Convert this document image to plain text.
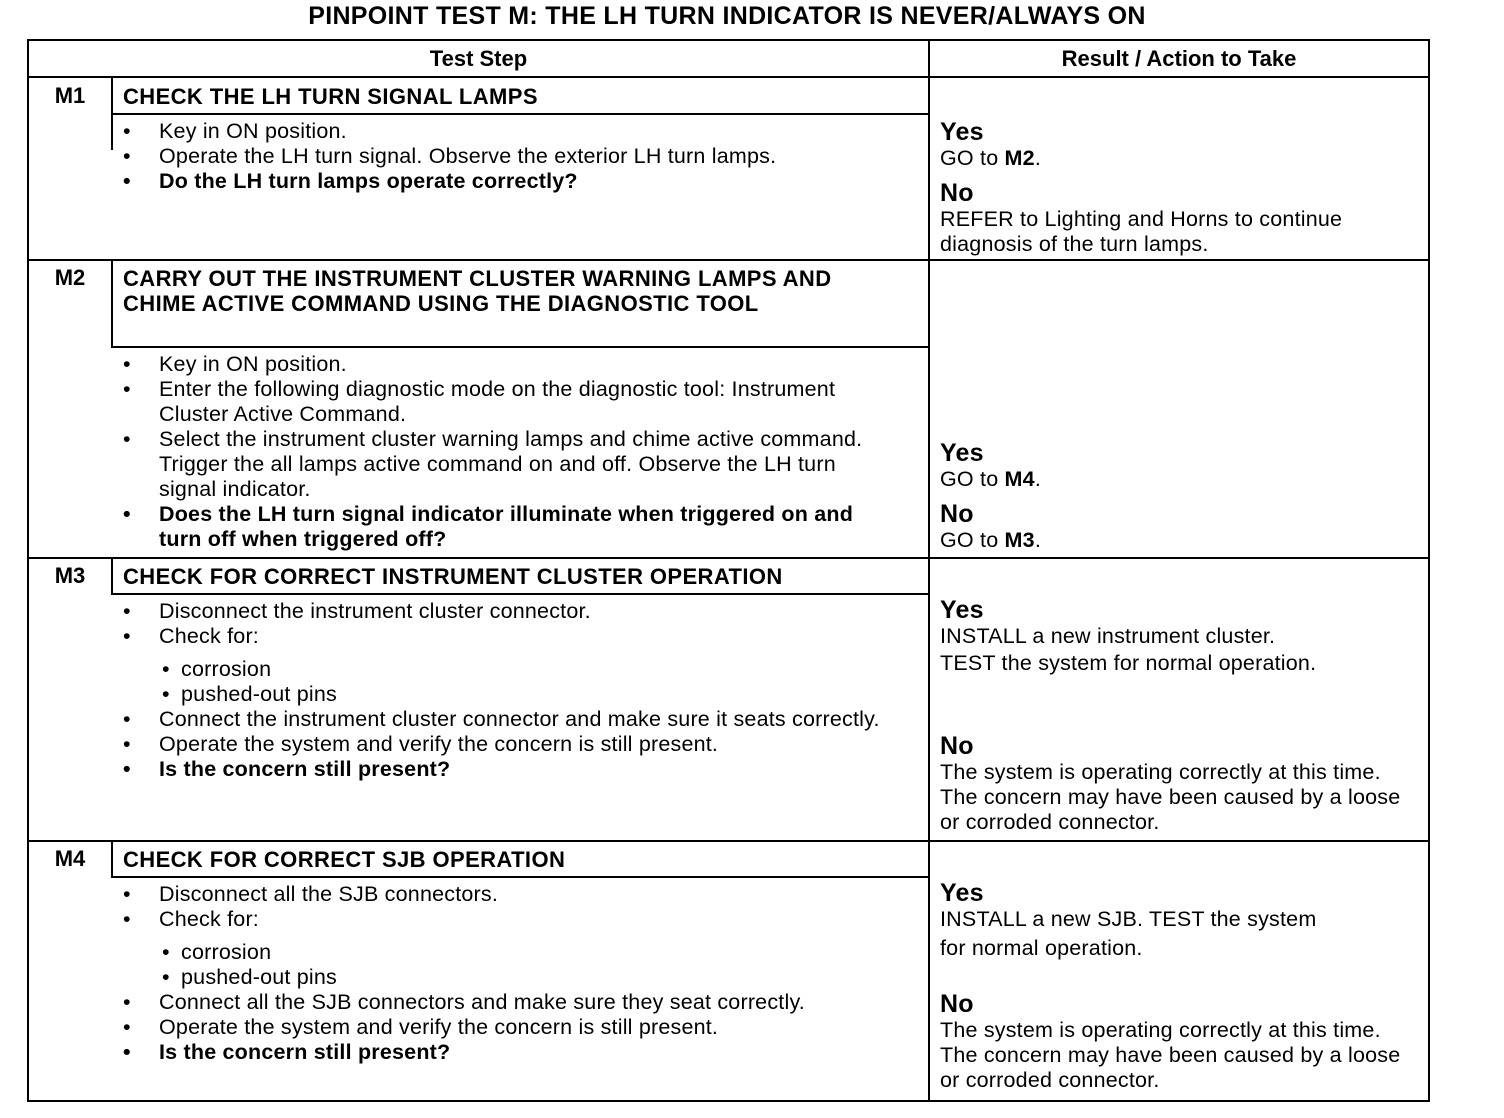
PINPOINT TEST M: THE LH TURN INDICATOR IS NEVER/ALWAYS ON
Test Step	Result / Action to Take
M1	CHECK THE LH TURN SIGNAL LAMPS
• Key in ON position.
• Operate the LH turn signal. Observe the exterior LH turn lamps.
• Do the LH turn lamps operate correctly?
Yes
GO to M2.
No
REFER to Lighting and Horns to continue diagnosis of the turn lamps.
M2	CARRY OUT THE INSTRUMENT CLUSTER WARNING LAMPS AND CHIME ACTIVE COMMAND USING THE DIAGNOSTIC TOOL
• Key in ON position.
• Enter the following diagnostic mode on the diagnostic tool: Instrument Cluster Active Command.
• Select the instrument cluster warning lamps and chime active command. Trigger the all lamps active command on and off. Observe the LH turn signal indicator.
• Does the LH turn signal indicator illuminate when triggered on and turn off when triggered off?
Yes
GO to M4.
No
GO to M3.
M3	CHECK FOR CORRECT INSTRUMENT CLUSTER OPERATION
• Disconnect the instrument cluster connector.
• Check for:
• corrosion
• pushed-out pins
• Connect the instrument cluster connector and make sure it seats correctly.
• Operate the system and verify the concern is still present.
• Is the concern still present?
Yes
INSTALL a new instrument cluster.
TEST the system for normal operation.
No
The system is operating correctly at this time. The concern may have been caused by a loose or corroded connector.
M4	CHECK FOR CORRECT SJB OPERATION
• Disconnect all the SJB connectors.
• Check for:
• corrosion
• pushed-out pins
• Connect all the SJB connectors and make sure they seat correctly.
• Operate the system and verify the concern is still present.
• Is the concern still present?
Yes
INSTALL a new SJB. TEST the system
for normal operation.
No
The system is operating correctly at this time. The concern may have been caused by a loose or corroded connector.
